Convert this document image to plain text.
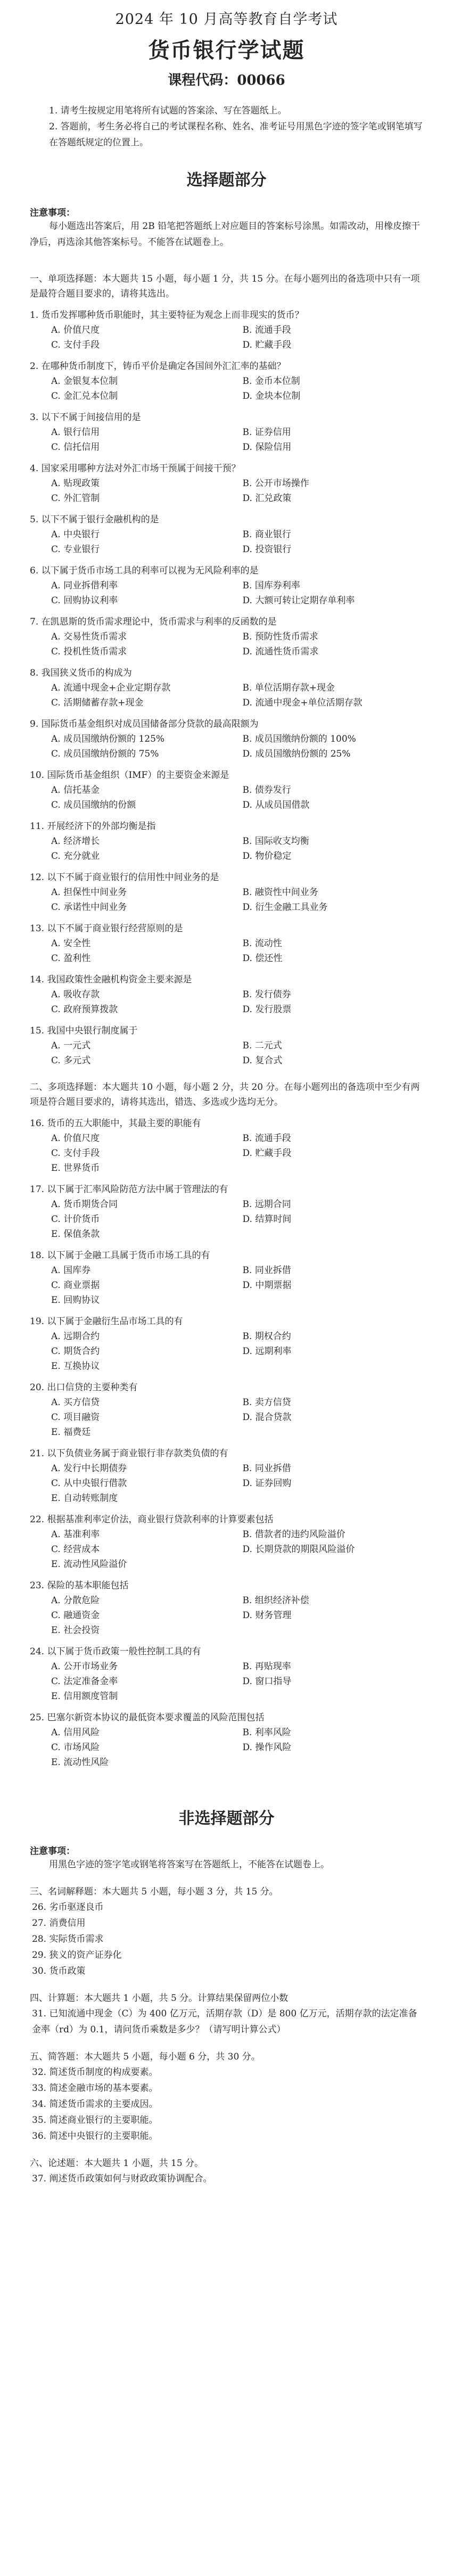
2024 年 10 月高等教育自学考试
货币银行学试题
课程代码：00066
1. 请考生按规定用笔将所有试题的答案涂、写在答题纸上。
2. 答题前，考生务必将自己的考试课程名称、姓名、准考证号用黑色字迹的签字笔或钢笔填写在答题纸规定的位置上。
选择题部分
注意事项：
每小题选出答案后，用 2B 铅笔把答题纸上对应题目的答案标号涂黑。如需改动，用橡皮擦干净后，再选涂其他答案标号。不能答在试题卷上。
一、单项选择题：本大题共 15 小题，每小题 1 分，共 15 分。在每小题列出的备选项中只有一项是最符合题目要求的，请将其选出。
1. 货币发挥哪种货币职能时，其主要特征为观念上而非现实的货币？
A. 价值尺度	B. 流通手段
C. 支付手段	D. 贮藏手段
2. 在哪种货币制度下，铸币平价是确定各国间外汇汇率的基础？
A. 金银复本位制	B. 金币本位制
C. 金汇兑本位制	D. 金块本位制
3. 以下不属于间接信用的是
A. 银行信用	B. 证券信用
C. 信托信用	D. 保险信用
4. 国家采用哪种方法对外汇市场干预属于间接干预？
A. 贴现政策	B. 公开市场操作
C. 外汇管制	D. 汇兑政策
5. 以下不属于银行金融机构的是
A. 中央银行	B. 商业银行
C. 专业银行	D. 投资银行
6. 以下属于货币市场工具的利率可以视为无风险利率的是
A. 同业拆借利率	B. 国库券利率
C. 回购协议利率	D. 大额可转让定期存单利率
7. 在凯恩斯的货币需求理论中，货币需求与利率的反函数的是
A. 交易性货币需求	B. 预防性货币需求
C. 投机性货币需求	D. 流通性货币需求
8. 我国狭义货币的构成为
A. 流通中现金+企业定期存款	B. 单位活期存款+现金
C. 活期储蓄存款+现金	D. 流通中现金+单位活期存款
9. 国际货币基金组织对成员国储备部分贷款的最高限额为
A. 成员国缴纳份额的 125%	B. 成员国缴纳份额的 100%
C. 成员国缴纳份额的 75%	D. 成员国缴纳份额的 25%
10. 国际货币基金组织（IMF）的主要资金来源是
A. 信托基金	B. 债券发行
C. 成员国缴纳的份额	D. 从成员国借款
11. 开展经济下的外部均衡是指
A. 经济增长	B. 国际收支均衡
C. 充分就业	D. 物价稳定
12. 以下不属于商业银行的信用性中间业务的是
A. 担保性中间业务	B. 融资性中间业务
C. 承诺性中间业务	D. 衍生金融工具业务
13. 以下不属于商业银行经营原则的是
A. 安全性	B. 流动性
C. 盈利性	D. 偿还性
14. 我国政策性金融机构资金主要来源是
A. 吸收存款	B. 发行债券
C. 政府预算拨款	D. 发行股票
15. 我国中央银行制度属于
A. 一元式	B. 二元式
C. 多元式	D. 复合式
二、多项选择题：本大题共 10 小题，每小题 2 分，共 20 分。在每小题列出的备选项中至少有两项是符合题目要求的，请将其选出，错选、多选或少选均无分。
16. 货币的五大职能中，其最主要的职能有
A. 价值尺度	B. 流通手段
C. 支付手段	D. 贮藏手段
E. 世界货币
17. 以下属于汇率风险防范方法中属于管理法的有
A. 货币期货合同	B. 远期合同
C. 计价货币	D. 结算时间
E. 保值条款
18. 以下属于金融工具属于货币市场工具的有
A. 国库券	B. 同业拆借
C. 商业票据	D. 中期票据
E. 回购协议
19. 以下属于金融衍生品市场工具的有
A. 远期合约	B. 期权合约
C. 期货合约	D. 远期利率
E. 互换协议
20. 出口信贷的主要种类有
A. 买方信贷	B. 卖方信贷
C. 项目融资	D. 混合贷款
E. 福费廷
21. 以下负债业务属于商业银行非存款类负债的有
A. 发行中长期债券	B. 同业拆借
C. 从中央银行借款	D. 证券回购
E. 自动转账制度
22. 根据基准利率定价法，商业银行贷款利率的计算要素包括
A. 基准利率	B. 借款者的违约风险溢价
C. 经营成本	D. 长期贷款的期限风险溢价
E. 流动性风险溢价
23. 保险的基本职能包括
A. 分散危险	B. 组织经济补偿
C. 融通资金	D. 财务管理
E. 社会投资
24. 以下属于货币政策一般性控制工具的有
A. 公开市场业务	B. 再贴现率
C. 法定准备金率	D. 窗口指导
E. 信用额度管制
25. 巴塞尔新资本协议的最低资本要求覆盖的风险范围包括
A. 信用风险	B. 利率风险
C. 市场风险	D. 操作风险
E. 流动性风险
非选择题部分
注意事项：
用黑色字迹的签字笔或钢笔将答案写在答题纸上，不能答在试题卷上。
三、名词解释题：本大题共 5 小题，每小题 3 分，共 15 分。
26. 劣币驱逐良币
27. 消费信用
28. 实际货币需求
29. 狭义的资产证券化
30. 货币政策
四、计算题：本大题共 1 小题，共 5 分。计算结果保留两位小数
31. 已知流通中现金（C）为 400 亿万元，活期存款（D）是 800 亿万元，活期存款的法定准备金率（rd）为 0.1，请问货币乘数是多少？（请写明计算公式）
五、简答题：本大题共 5 小题，每小题 6 分，共 30 分。
32. 简述货币制度的构成要素。
33. 简述金融市场的基本要素。
34. 简述货币需求的主要成因。
35. 简述商业银行的主要职能。
36. 简述中央银行的主要职能。
六、论述题：本大题共 1 小题，共 15 分。
37. 阐述货币政策如何与财政政策协调配合。
